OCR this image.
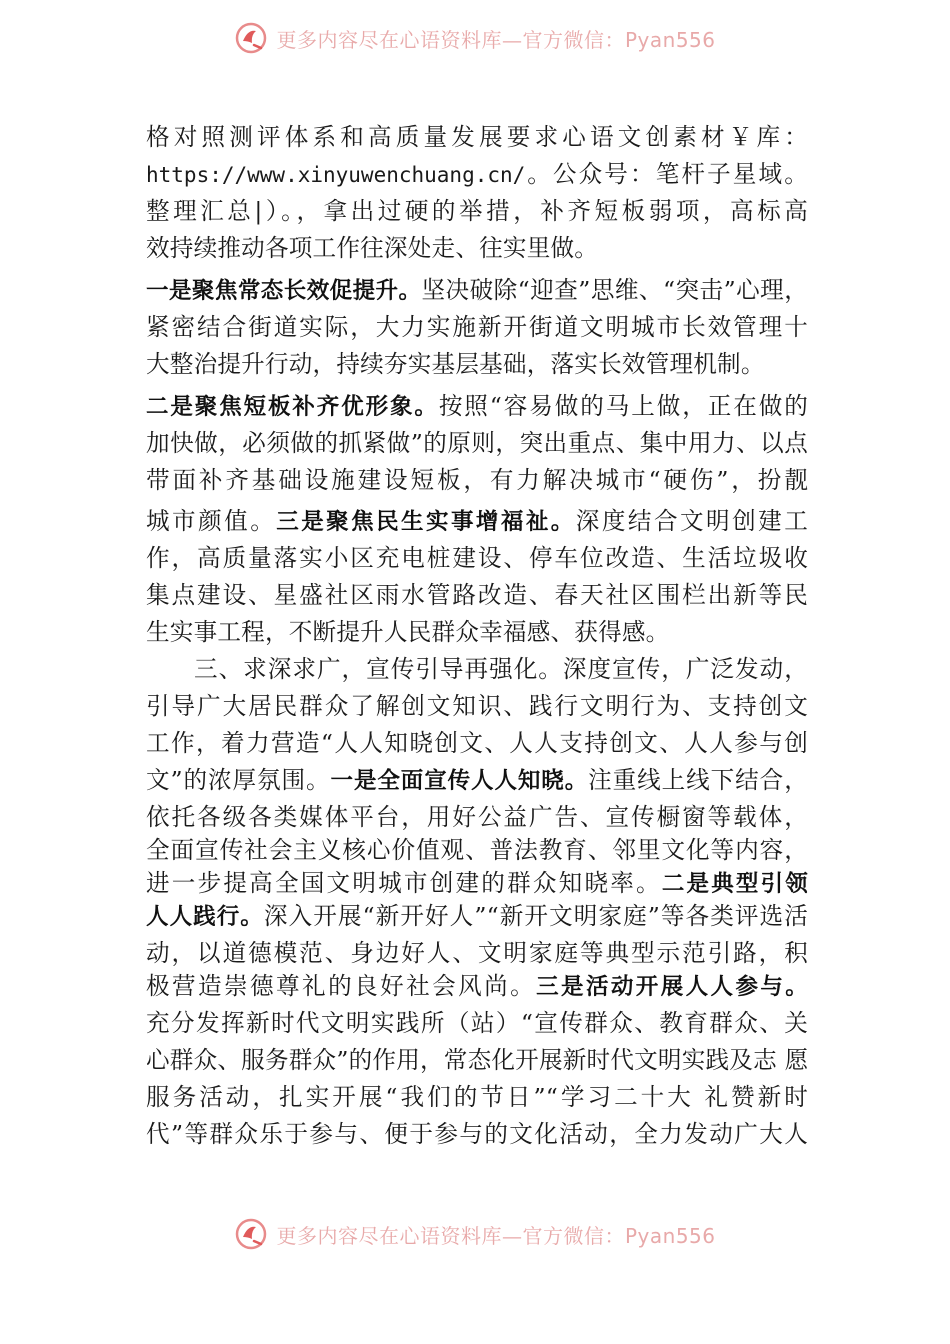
更多内容尽在心语资料库—官方微信：Pyan556
格对照测评体系和高质量发展要求心语文创素材￥库：
https://www.xinyuwenchuang.cn/。公众号：笔杆子星域。
整理汇总|）。，拿出过硬的举措，补齐短板弱项，高标高
效持续推动各项工作往深处走、往实里做。
一是聚焦常态长效促提升。坚决破除“迎查”思维、“突击”心理，
紧密结合街道实际，大力实施新开街道文明城市长效管理十
大整治提升行动，持续夯实基层基础，落实长效管理机制。
二是聚焦短板补齐优形象。按照“容易做的马上做，正在做的
加快做，必须做的抓紧做”的原则，突出重点、集中用力、以点
带面补齐基础设施建设短板，有力解决城市“硬伤”，扮靓
城市颜值。三是聚焦民生实事增福祉。深度结合文明创建工
作，高质量落实小区充电桩建设、停车位改造、生活垃圾收
集点建设、星盛社区雨水管路改造、春天社区围栏出新等民
生实事工程，不断提升人民群众幸福感、获得感。
三、求深求广，宣传引导再强化。深度宣传，广泛发动，
引导广大居民群众了解创文知识、践行文明行为、支持创文
工作，着力营造“人人知晓创文、人人支持创文、人人参与创
文”的浓厚氛围。一是全面宣传人人知晓。注重线上线下结合，
依托各级各类媒体平台，用好公益广告、宣传橱窗等载体，
全面宣传社会主义核心价值观、普法教育、邻里文化等内容，
进一步提高全国文明城市创建的群众知晓率。二是典型引领
人人践行。深入开展“新开好人”“新开文明家庭”等各类评选活
动，以道德模范、身边好人、文明家庭等典型示范引路，积
极营造崇德尊礼的良好社会风尚。三是活动开展人人参与。
充分发挥新时代文明实践所（站）“宣传群众、教育群众、关
心群众、服务群众”的作用，常态化开展新时代文明实践及志 愿
服务活动，扎实开展“我们的节日”“学习二十大 礼赞新时
代”等群众乐于参与、便于参与的文化活动，全力发动广大人
更多内容尽在心语资料库—官方微信：Pyan556
